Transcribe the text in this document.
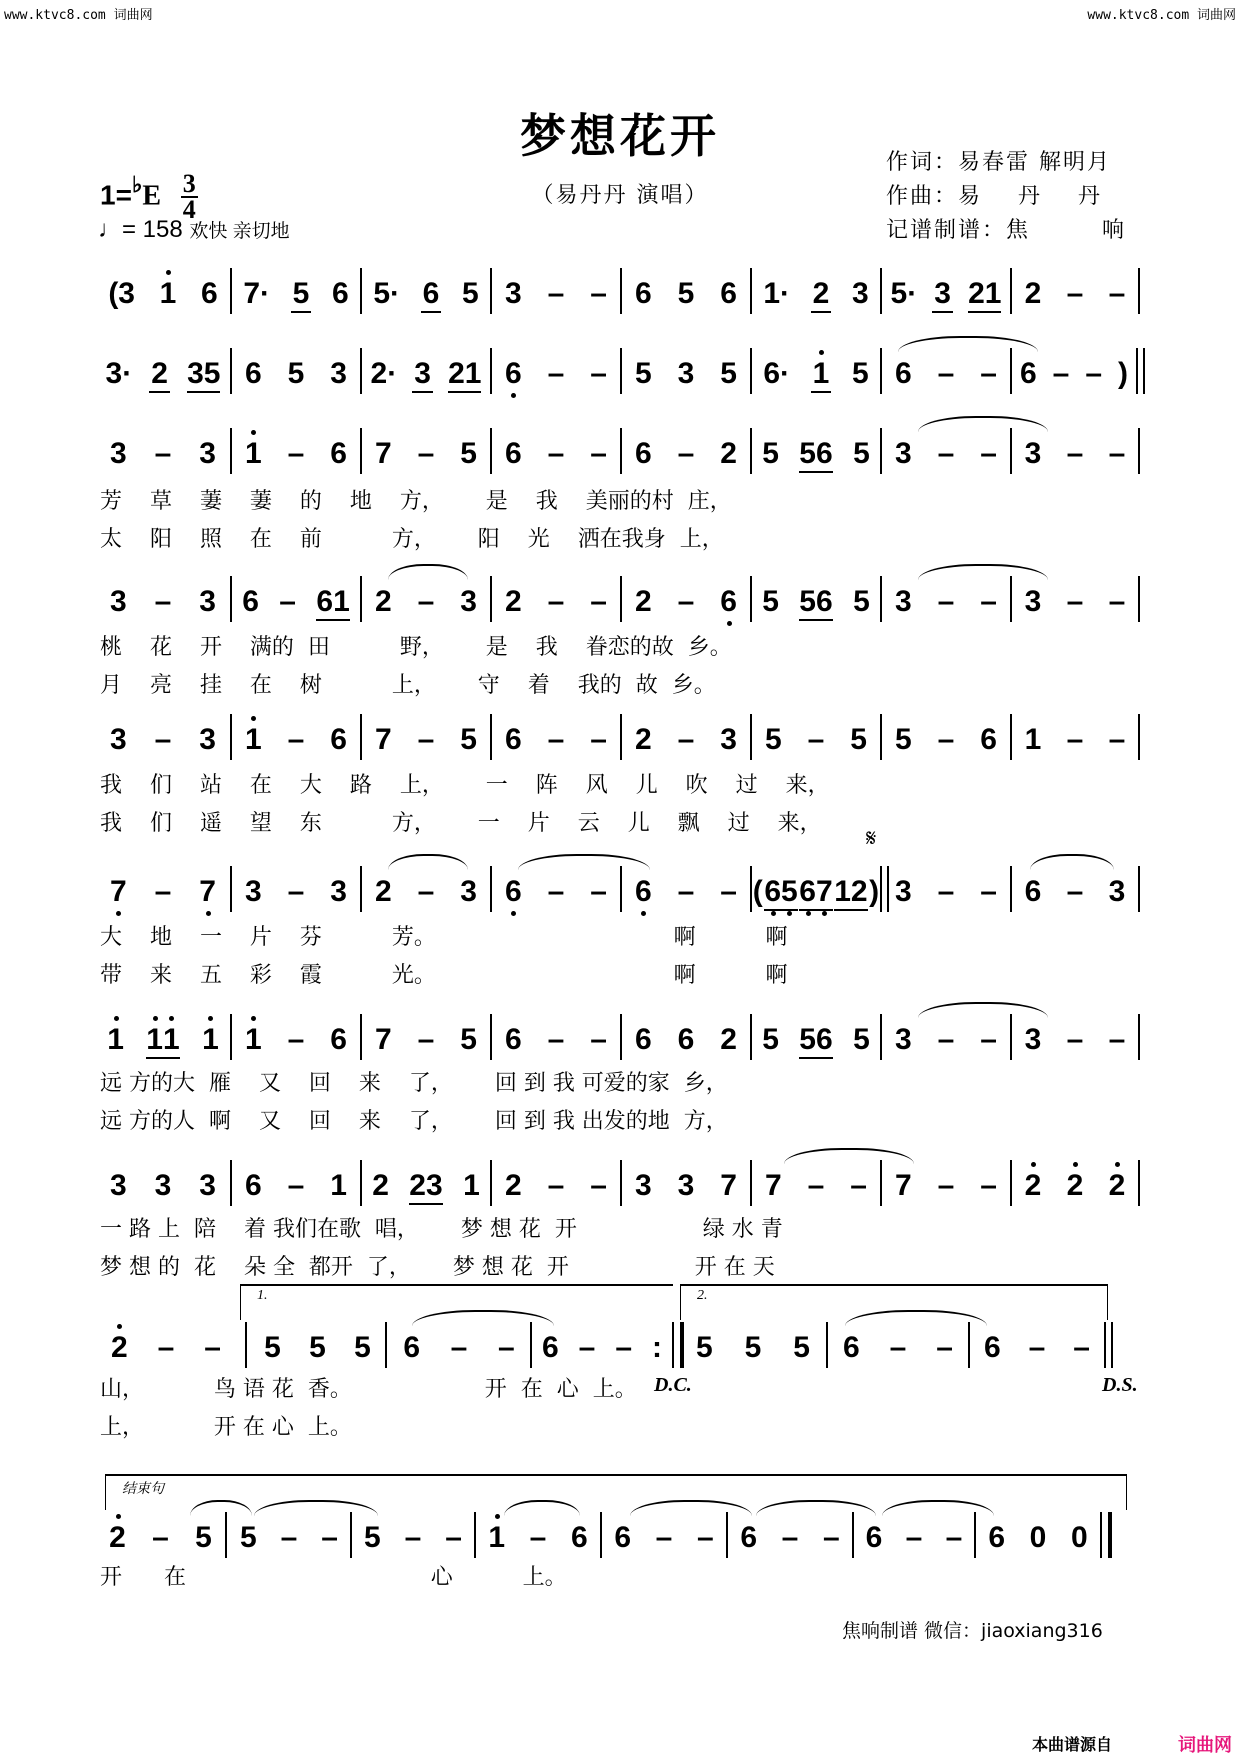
www.ktvc8.com 词曲网	www.ktvc8.com 词曲网
梦想花开
（易丹丹 演唱）
作词：易春雷 解明月
作曲：易    丹    丹
记谱制谱：焦        响
$1=^♭E \frac{3}{4}$
♩= 158 欢快 亲切地
(3 1 6 7· 5 6 5· 6 5 3 – – 6 5 6 1· 2 3 5· 3 2 1 2 – –
3· 2 3 5 6 5 3 2· 3 2 1 6 – – 5 3 5 6· 1 5 6 – – 6 – – )
3 – 3 1 – 6 7 – 5 6 – – 6 – 2 5 5 6 5 3 – – 3 – –
芳    草    萋    萋    的    地    方，      是    我    美丽的村  庄，
太    阳    照    在    前          方，      阳    光    洒在我身  上，
3 – 3 6 – 6 1 2 – 3 2 – – 2 – 6 5 5 6 5 3 – – 3 – –
桃    花    开    满的  田          野，      是    我    眷恋的故  乡。
月    亮    挂    在    树          上，      守    着    我的  故  乡。
3 – 3 1 – 6 7 – 5 6 – – 2 – 3 5 – 5 5 – 6 1 – –
我    们    站    在    大    路    上，      一    阵    风    儿    吹    过    来，
我    们    遥    望    东          方，      一    片    云    儿    飘    过    来，
7 – 7 3 – 3 2 – 3 6 – – 6 – – ( 6 5 6 7 1 2 ) 3 – – 6 – 3
𝄋
大    地    一    片    芬          芳。                                  啊          啊
带    来    五    彩    霞          光。                                  啊          啊
1 1 1 1 1 – 6 7 – 5 6 – – 6 6 2 5 5 6 5 3 – – 3 – –
远 方的大  雁    又    回    来    了，      回 到 我 可爱的家  乡，
远 方的人  啊    又    回    来    了，      回 到 我 出发的地  方，
3 3 3 6 – 1 2 2 3 1 2 – – 3 3 7 7 – – 7 – – 2 2 2
一 路 上  陪    着 我们在歌  唱，      梦 想 花  开                  绿 水 青
梦 想 的  花    朵 全  都开  了，      梦 想 花  开                  开 在 天
2 – – 5 5 5 6 – – 6 – – : 5 5 5 6 – – 6 – –
1.	2.
D.C.	D.S.
山，          鸟 语 花  香。                   开  在  心  上。
上，          开 在 心  上。
2 – 5 5 – – 5 – – 1 – 6 6 – – 6 – – 6 – – 6 0 0
结束句
开      在                                   心          上。
焦响制谱 微信：jiaoxiang316
本曲谱源自	词曲网
